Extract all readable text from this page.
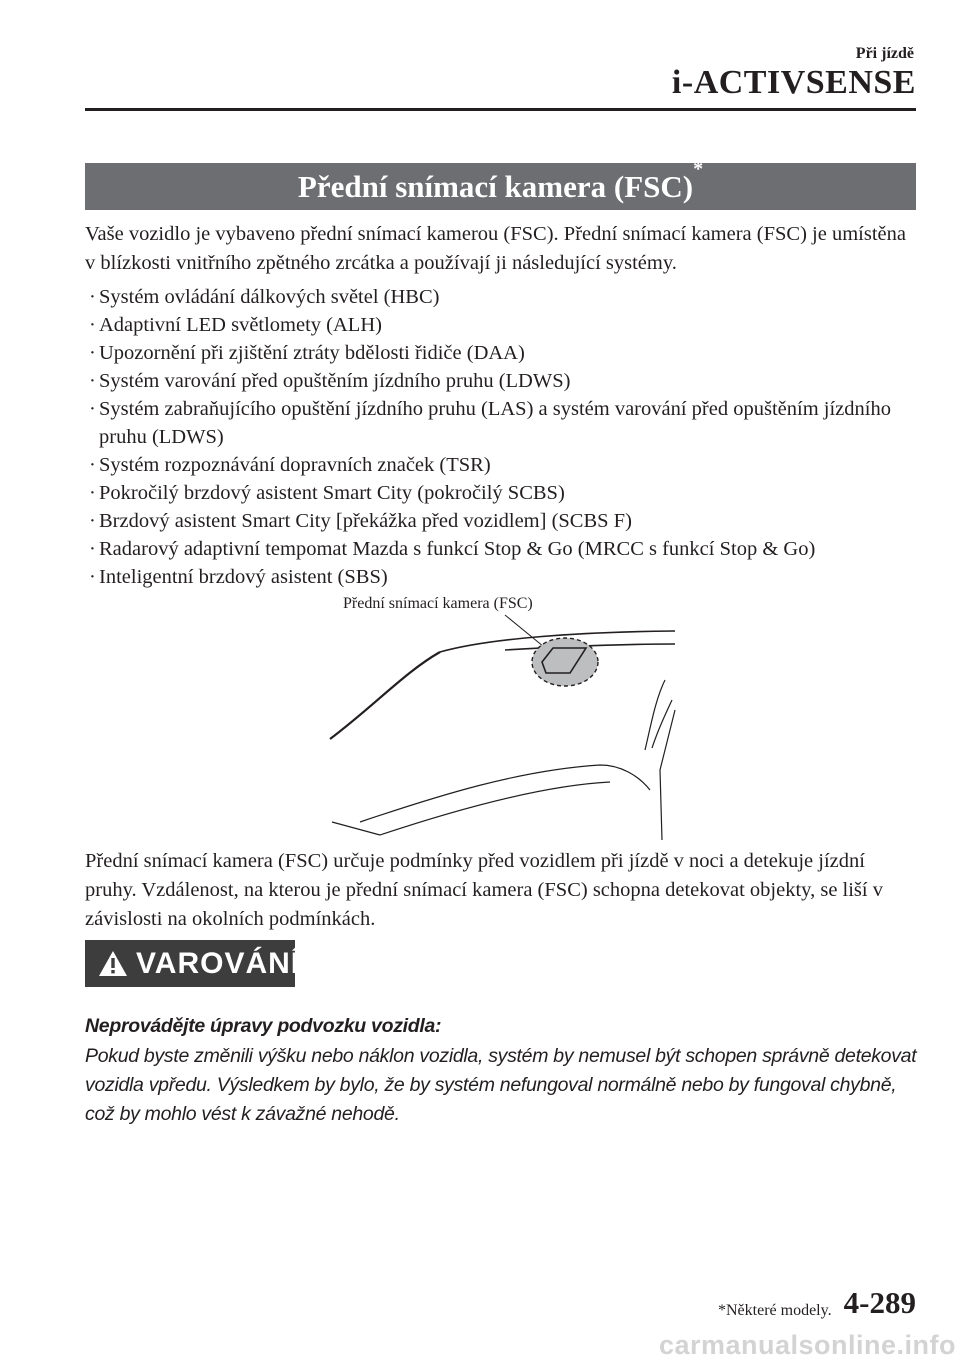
Při jízdě
i-ACTIVSENSE
Přední snímací kamera (FSC)*
Vaše vozidlo je vybaveno přední snímací kamerou (FSC). Přední snímací kamera (FSC) je umístěna v blízkosti vnitřního zpětného zrcátka a používají ji následující systémy.
· Systém ovládání dálkových světel (HBC)
· Adaptivní LED světlomety (ALH)
· Upozornění při zjištění ztráty bdělosti řidiče (DAA)
· Systém varování před opuštěním jízdního pruhu (LDWS)
· Systém zabraňujícího opuštění jízdního pruhu (LAS) a systém varování před opuštěním jízdního pruhu (LDWS)
· Systém rozpoznávání dopravních značek (TSR)
· Pokročilý brzdový asistent Smart City (pokročilý SCBS)
· Brzdový asistent Smart City [překážka před vozidlem] (SCBS F)
· Radarový adaptivní tempomat Mazda s funkcí Stop & Go (MRCC s funkcí Stop & Go)
· Inteligentní brzdový asistent (SBS)
Přední snímací kamera (FSC)
Přední snímací kamera (FSC) určuje podmínky před vozidlem při jízdě v noci a detekuje jízdní pruhy. Vzdálenost, na kterou je přední snímací kamera (FSC) schopna detekovat objekty, se liší v závislosti na okolních podmínkách.
VAROVÁNÍ
Neprovádějte úpravy podvozku vozidla:
Pokud byste změnili výšku nebo náklon vozidla, systém by nemusel být schopen správně detekovat vozidla vpředu. Výsledkem by bylo, že by systém nefungoval normálně nebo by fungoval chybně, což by mohlo vést k závažné nehodě.
*Některé modely. 4-289
carmanualsonline.info
